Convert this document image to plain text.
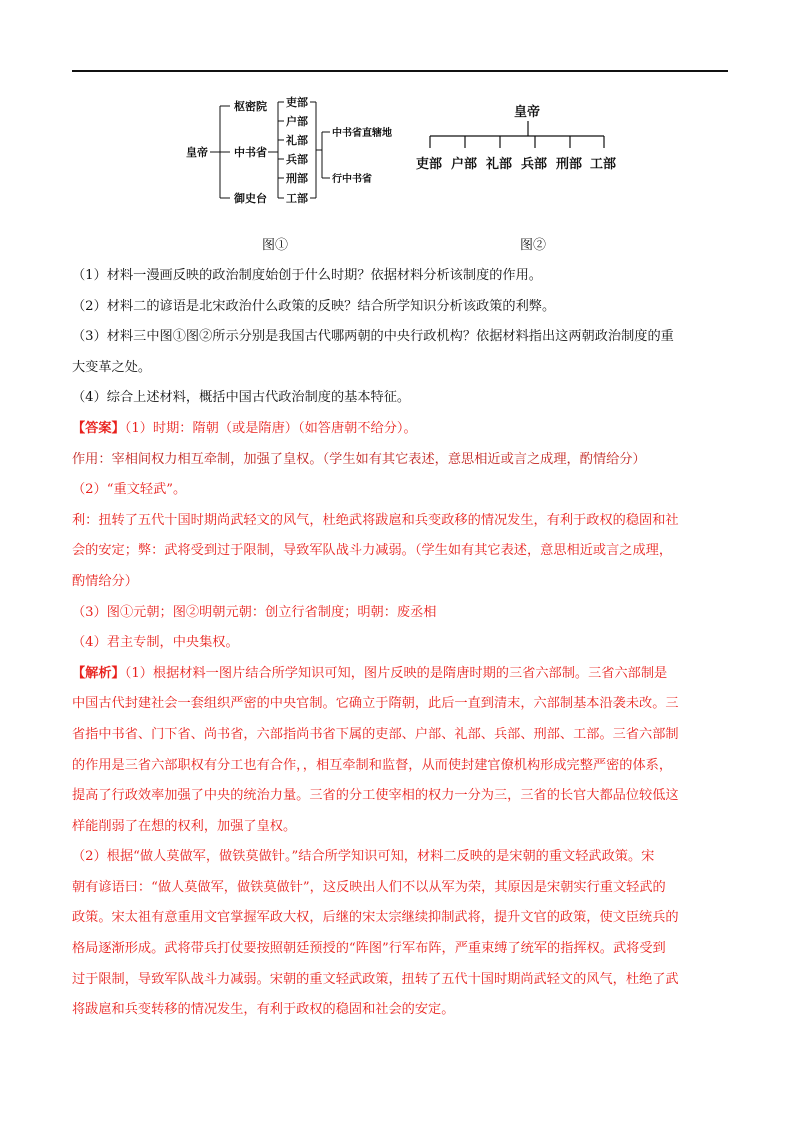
皇帝
枢密院
中书省
御史台
吏部
户部
礼部
兵部
刑部
工部
中书省直辖地
行中书省
皇帝
吏部 户部 礼部 兵部 刑部 工部
图①	图②

（1）材料一漫画反映的政治制度始创于什么时期？依据材料分析该制度的作用。

（2）材料二的谚语是北宋政治什么政策的反映？结合所学知识分析该政策的利弊。

（3）材料三中图①图②所示分别是我国古代哪两朝的中央行政机构？依据材料指出这两朝政治制度的重

大变革之处。

（4）综合上述材料，概括中国古代政治制度的基本特征。

【答案】（1）时期：隋朝（或是隋唐）（如答唐朝不给分）。

作用：宰相间权力相互牵制，加强了皇权。（学生如有其它表述，意思相近或言之成理，酌情给分）

（2）“重文轻武”。

利：扭转了五代十国时期尚武轻文的风气，杜绝武将跋扈和兵变政移的情况发生，有利于政权的稳固和社

会的安定；弊：武将受到过于限制，导致军队战斗力减弱。（学生如有其它表述，意思相近或言之成理，

酌情给分）

（3）图①元朝；图②明朝元朝：创立行省制度；明朝：废丞相

（4）君主专制，中央集权。

【解析】（1）根据材料一图片结合所学知识可知，图片反映的是隋唐时期的三省六部制。三省六部制是

中国古代封建社会一套组织严密的中央官制。它确立于隋朝，此后一直到清末，六部制基本沿袭未改。三

省指中书省、门下省、尚书省，六部指尚书省下属的吏部、户部、礼部、兵部、刑部、工部。三省六部制

的作用是三省六部职权有分工也有合作，，相互牵制和监督，从而使封建官僚机构形成完整严密的体系，

提高了行政效率加强了中央的统治力量。三省的分工使宰相的权力一分为三，三省的长官大都品位较低这

样能削弱了在想的权利，加强了皇权。

（2）根据“做人莫做军，做铁莫做针。”结合所学知识可知，材料二反映的是宋朝的重文轻武政策。宋

朝有谚语曰：“做人莫做军，做铁莫做针”，这反映出人们不以从军为荣，其原因是宋朝实行重文轻武的

政策。宋太祖有意重用文官掌握军政大权，后继的宋太宗继续抑制武将，提升文官的政策，使文臣统兵的

格局逐渐形成。武将带兵打仗要按照朝廷预授的“阵图”行军布阵，严重束缚了统军的指挥权。武将受到

过于限制，导致军队战斗力减弱。宋朝的重文轻武政策，扭转了五代十国时期尚武轻文的风气，杜绝了武

将跋扈和兵变转移的情况发生，有利于政权的稳固和社会的安定。
